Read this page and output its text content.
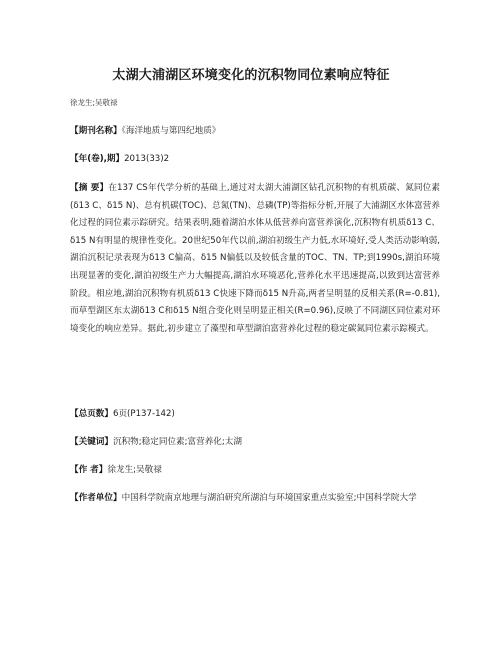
太湖大浦湖区环境变化的沉积物同位素响应特征
徐龙生;吴敬禄
【期刊名称】《海洋地质与第四纪地质》
【年(卷),期】2013(33)2
【摘 要】在137 CS年代学分析的基础上,通过对太湖大浦湖区钻孔沉积物的有机质碳、氮同位素(δ13 C、δ15 N)、总有机碳(TOC)、总氮(TN)、总磷(TP)等指标分析,开展了大浦湖区水体富营养化过程的同位素示踪研究。结果表明,随着湖泊水体从低营养向富营养演化,沉积物有机质δ13 C、δ15 N有明显的规律性变化。20世纪50年代以前,湖泊初级生产力低,水环境好,受人类活动影响弱,湖泊沉积记录表现为δ13 C偏高、δ15 N偏低以及较低含量的TOC、TN、TP;到1990s,湖泊环境出现显著的变化,湖泊初级生产力大幅提高,湖泊水环境恶化,营养化水平迅速提高,以致到达富营养阶段。相应地,湖泊沉积物有机质δ13 C快速下降而δ15 N升高,两者呈明显的反相关系(R=-0.81),而草型湖区东太湖δ13 C和δ15 N组合变化则呈明显正相关(R=0.96),反映了不同湖区同位素对环境变化的响应差异。据此,初步建立了藻型和草型湖泊富营养化过程的稳定碳氮同位素示踪模式。
【总页数】6页(P137-142)
【关键词】沉积物;稳定同位素;富营养化;太湖
【作 者】徐龙生;吴敬禄
【作者单位】中国科学院南京地理与湖泊研究所湖泊与环境国家重点实验室;中国科学院大学
